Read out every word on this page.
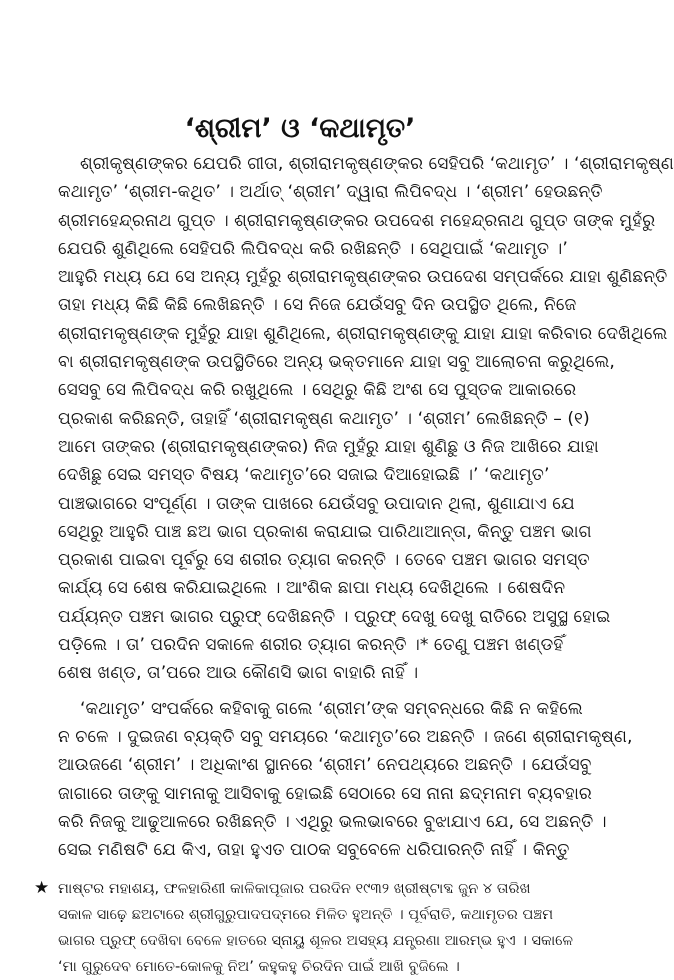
‘ଶ୍ରୀମ’ ଓ ‘କଥାମୃତ’

ଶ୍ରୀକୃଷ୍ଣଙ୍କର ଯେପରି ଗୀତା, ଶ୍ରୀରାମକୃଷ୍ଣଙ୍କର ସେହିପରି ‘କଥାମୃତ’ । ‘ଶ୍ରୀରାମକୃଷ୍ଣ
କଥାମୃତ’ ‘ଶ୍ରୀମ-କଥିତ’ । ଅର୍ଥାତ୍ ‘ଶ୍ରୀମ’ ଦ୍ୱାରା ଲିପିବଦ୍ଧ । ‘ଶ୍ରୀମ’ ହେଉଛନ୍ତି
ଶ୍ରୀମହେନ୍ଦ୍ରନାଥ ଗୁପ୍ତ । ଶ୍ରୀରାମକୃଷ୍ଣଙ୍କର ଉପଦେଶ ମହେନ୍ଦ୍ରନାଥ ଗୁପ୍ତ ତାଙ୍କ ମୁହଁରୁ
ଯେପରି ଶୁଣିଥିଲେ ସେହିପରି ଲିପିବଦ୍ଧ କରି ରଖିଛନ୍ତି । ସେଥିପାଇଁ ‘କଥାମୃତ ।’
ଆହୁରି ମଧ୍ୟ ଯେ ସେ ଅନ୍ୟ ମୁହଁରୁ ଶ୍ରୀରାମକୃଷ୍ଣଙ୍କର ଉପଦେଶ ସମ୍ପର୍କରେ ଯାହା ଶୁଣିଛନ୍ତି
ତାହା ମଧ୍ୟ କିଛି କିଛି ଲେଖିଛନ୍ତି । ସେ ନିଜେ ଯେଉଁସବୁ ଦିନ ଉପସ୍ଥିତ ଥିଲେ, ନିଜେ
ଶ୍ରୀରାମକୃଷ୍ଣଙ୍କ ମୁହଁରୁ ଯାହା ଶୁଣିଥିଲେ, ଶ୍ରୀରାମକୃଷ୍ଣଙ୍କୁ ଯାହା ଯାହା କରିବାର ଦେଖିଥିଲେ
ବା ଶ୍ରୀରାମକୃଷ୍ଣଙ୍କ ଉପସ୍ଥିତିରେ ଅନ୍ୟ ଭକ୍ତମାନେ ଯାହା ସବୁ ଆଲୋଚନା କରୁଥିଲେ,
ସେସବୁ ସେ ଲିପିବଦ୍ଧ କରି ରଖୁଥିଲେ । ସେଥିରୁ କିଛି ଅଂଶ ସେ ପୁସ୍ତକ ଆକାରରେ
ପ୍ରକାଶ କରିଛନ୍ତି, ତାହାହିଁ ‘ଶ୍ରୀରାମକୃଷ୍ଣ କଥାମୃତ’ । ‘ଶ୍ରୀମ’ ଲେଖିଛନ୍ତି – (୧)
ଆମେ ତାଙ୍କର (ଶ୍ରୀରାମକୃଷ୍ଣଙ୍କର) ନିଜ ମୁହଁରୁ ଯାହା ଶୁଣିଛୁ ଓ ନିଜ ଆଖିରେ ଯାହା
ଦେଖିଛୁ ସେଇ ସମସ୍ତ ବିଷୟ ‘କଥାମୃତ’ରେ ସଜାଇ ଦିଆହୋଇଛି ।’ ‘କଥାମୃତ’
ପାଞ୍ଚଭାଗରେ ସଂପୂର୍ଣ୍ଣ । ତାଙ୍କ ପାଖରେ ଯେଉଁସବୁ ଉପାଦାନ ଥିଲା, ଶୁଣାଯାଏ ଯେ
ସେଥିରୁ ଆହୁରି ପାଞ୍ଚ ଛଅ ଭାଗ ପ୍ରକାଶ କରାଯାଇ ପାରିଥାଆନ୍ତା, କିନ୍ତୁ ପଞ୍ଚମ ଭାଗ
ପ୍ରକାଶ ପାଇବା ପୂର୍ବରୁ ସେ ଶରୀର ତ୍ୟାଗ କରନ୍ତି । ତେବେ ପଞ୍ଚମ ଭାଗର ସମସ୍ତ
କାର୍ଯ୍ୟ ସେ ଶେଷ କରିଯାଇଥିଲେ । ଆଂଶିକ ଛାପା ମଧ୍ୟ ଦେଖିଥିଲେ । ଶେଷଦିନ
ପର୍ଯ୍ୟନ୍ତ ପଞ୍ଚମ ଭାଗର ପ୍ରୁଫ୍ ଦେଖିଛନ୍ତି । ପ୍ରୁଫ୍ ଦେଖୁ ଦେଖୁ ରାତିରେ ଅସୁସ୍ଥ ହୋଇ
ପଡ଼ିଲେ । ତା’ ପରଦିନ ସକାଳେ ଶରୀର ତ୍ୟାଗ କରନ୍ତି ।* ତେଣୁ ପଞ୍ଚମ ଖଣ୍ଡହିଁ
ଶେଷ ଖଣ୍ଡ, ତା’ପରେ ଆଉ କୌଣସି ଭାଗ ବାହାରି ନାହିଁ ।

‘କଥାମୃତ’ ସଂପର୍କରେ କହିବାକୁ ଗଲେ ‘ଶ୍ରୀମ’ଙ୍କ ସମ୍ବନ୍ଧରେ କିଛି ନ କହିଲେ
ନ ଚଳେ । ଦୁଇଜଣ ବ୍ୟକ୍ତି ସବୁ ସମୟରେ ‘କଥାମୃତ’ରେ ଅଛନ୍ତି । ଜଣେ ଶ୍ରୀରାମକୃଷ୍ଣ,
ଆଉଜଣେ ‘ଶ୍ରୀମ’ । ଅଧିକାଂଶ ସ୍ଥାନରେ ‘ଶ୍ରୀମ’ ନେପଥ୍ୟରେ ଅଛନ୍ତି । ଯେଉଁସବୁ
ଜାଗାରେ ତାଙ୍କୁ ସାମନାକୁ ଆସିବାକୁ ହୋଇଛି ସେଠାରେ ସେ ନାନା ଛଦ୍ମନାମ ବ୍ୟବହାର
କରି ନିଜକୁ ଆଢୁଆଳରେ ରଖିଛନ୍ତି । ଏଥିରୁ ଭଲଭାବରେ ବୁଝାଯାଏ ଯେ, ସେ ଅଛନ୍ତି ।
ସେଇ ମଣିଷଟି ଯେ କିଏ, ତାହା ହୁଏତ ପାଠକ ସବୁବେଳେ ଧରିପାରନ୍ତି ନାହିଁ । କିନ୍ତୁ

★ ମାଷ୍ଟର ମହାଶୟ, ଫଳହାରିଣୀ କାଳିକାପୂଜାର ପରଦିନ ୧୯୩୨ ଖ୍ରୀଷ୍ଟାବ୍ଦ ଜୁନ ୪ ତାରିଖ
ସକାଳ ସାଢ଼େ ଛଅଟାରେ ଶ୍ରୀଗୁରୁପାଦପଦ୍ମରେ ମିଳିତ ହୁଅନ୍ତି । ପୂର୍ବରାତି, କଥାମୃତର ପଞ୍ଚମ
ଭାଗର ପ୍ରୁଫ୍ ଦେଖିବା ବେଳେ ହାତରେ ସ୍ନାୟୁ ଶୂଳର ଅସହ୍ୟ ଯନ୍ତ୍ରଣା ଆରମ୍ଭ ହୁଏ । ସକାଳେ
‘ମା ଗୁରୁଦେବ ମୋତେ-କୋଳକୁ ନିଅ’ କହୁକହୁ ଚିରଦିନ ପାଇଁ ଆଖି ବୁଜିଲେ ।
